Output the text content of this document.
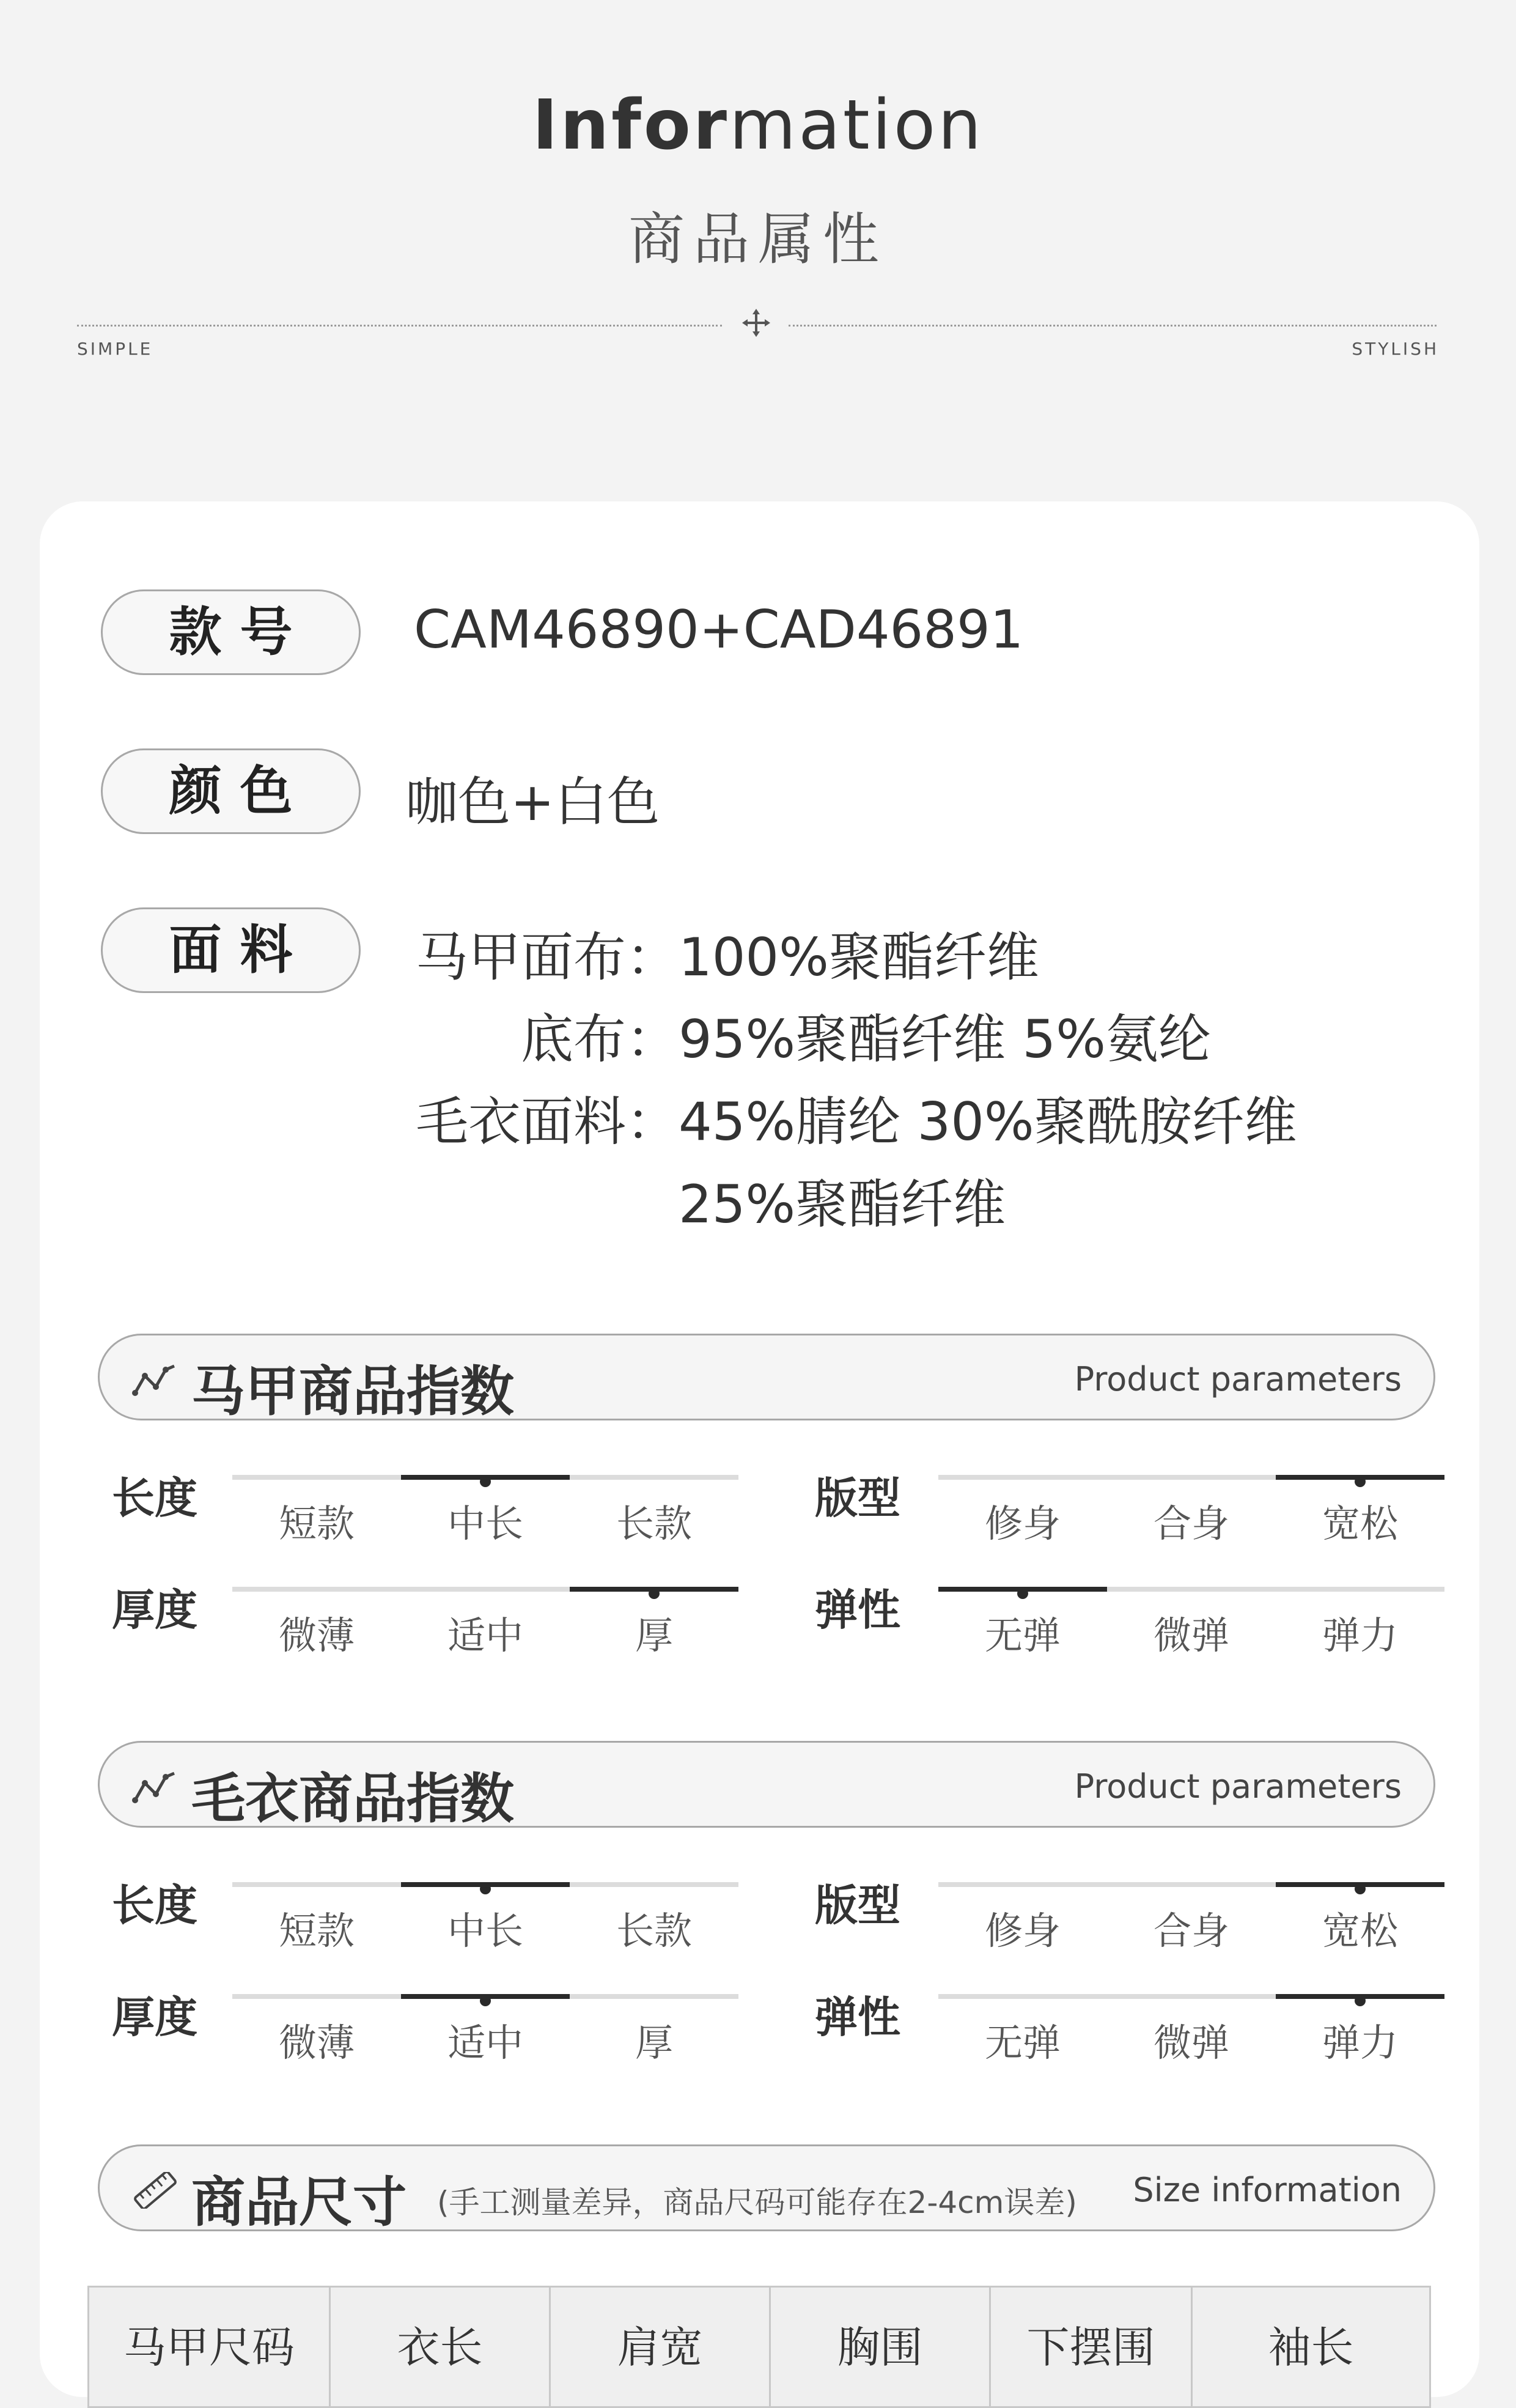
Information
商品属性
SIMPLE	STYLISH
款号	CAM46890+CAD46891
颜色	咖色+白色
面料	马甲面布： 100%聚酯纤维
底布： 95%聚酯纤维 5%氨纶
毛衣面料： 45%腈纶 30%聚酰胺纤维
25%聚酯纤维
马甲商品指数	Product parameters
长度
短款	中长	长款
版型
修身	合身	宽松
厚度
微薄	适中	厚
弹性
无弹	微弹	弹力
毛衣商品指数	Product parameters
长度
短款	中长	长款
版型
修身	合身	宽松
厚度
微薄	适中	厚
弹性
无弹	微弹	弹力
商品尺寸 (手工测量差异，商品尺码可能存在2-4cm误差) Size information
马甲尺码	衣长	肩宽	胸围	下摆围	袖长
